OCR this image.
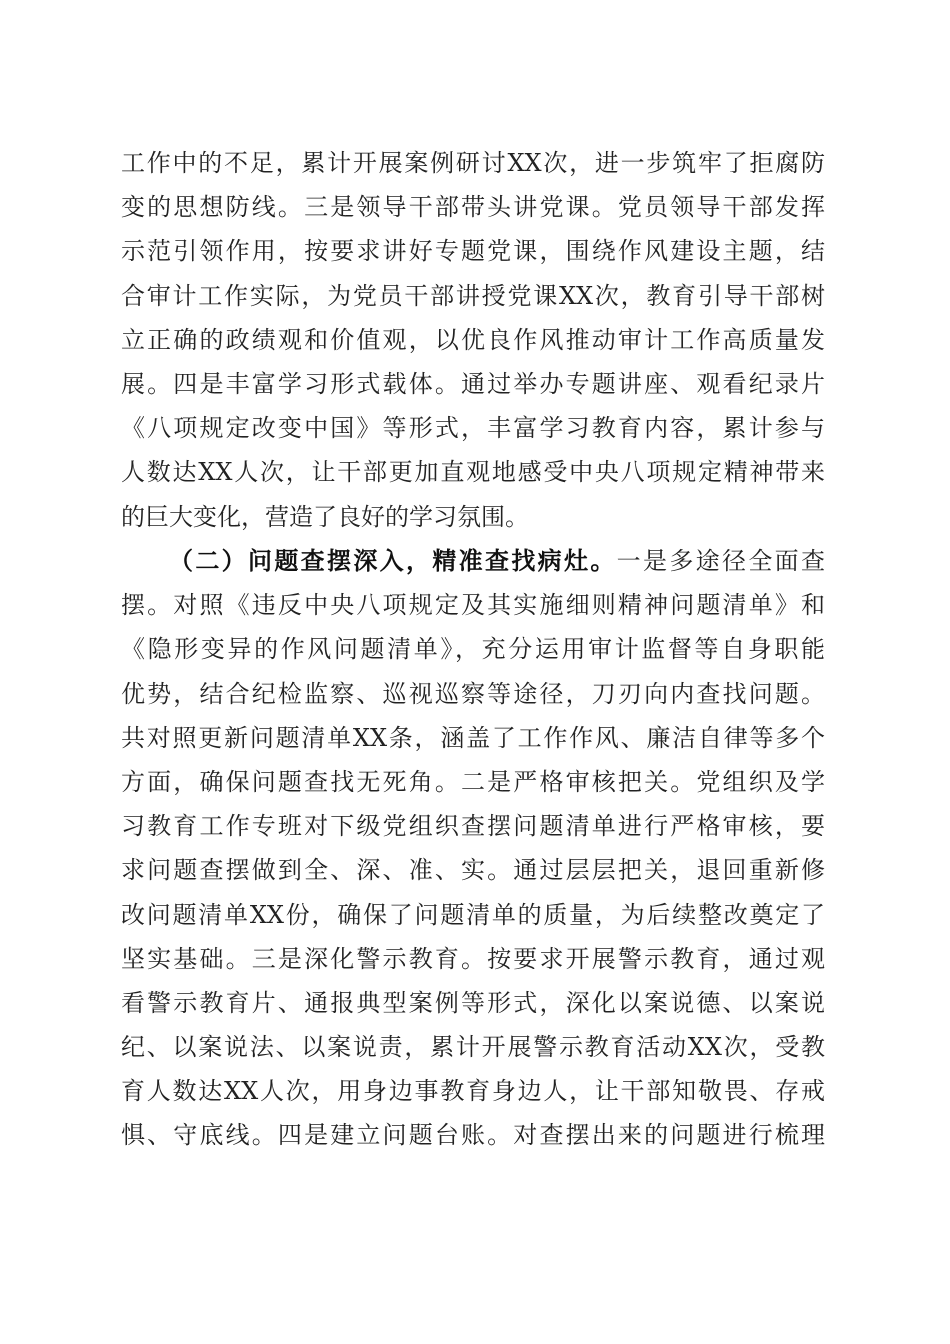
工作中的不足，累计开展案例研讨XX次，进一步筑牢了拒腐防
变的思想防线。三是领导干部带头讲党课。党员领导干部发挥
示范引领作用，按要求讲好专题党课，围绕作风建设主题，结
合审计工作实际，为党员干部讲授党课XX次，教育引导干部树
立正确的政绩观和价值观，以优良作风推动审计工作高质量发
展。四是丰富学习形式载体。通过举办专题讲座、观看纪录片
《八项规定改变中国》等形式，丰富学习教育内容，累计参与
人数达XX人次，让干部更加直观地感受中央八项规定精神带来
的巨大变化，营造了良好的学习氛围。
（二）问题查摆深入，精准查找病灶。一是多途径全面查
摆。对照《违反中央八项规定及其实施细则精神问题清单》和
《隐形变异的作风问题清单》，充分运用审计监督等自身职能
优势，结合纪检监察、巡视巡察等途径，刀刃向内查找问题。
共对照更新问题清单XX条，涵盖了工作作风、廉洁自律等多个
方面，确保问题查找无死角。二是严格审核把关。党组织及学
习教育工作专班对下级党组织查摆问题清单进行严格审核，要
求问题查摆做到全、深、准、实。通过层层把关，退回重新修
改问题清单XX份，确保了问题清单的质量，为后续整改奠定了
坚实基础。三是深化警示教育。按要求开展警示教育，通过观
看警示教育片、通报典型案例等形式，深化以案说德、以案说
纪、以案说法、以案说责，累计开展警示教育活动XX次，受教
育人数达XX人次，用身边事教育身边人，让干部知敬畏、存戒
惧、守底线。四是建立问题台账。对查摆出来的问题进行梳理
